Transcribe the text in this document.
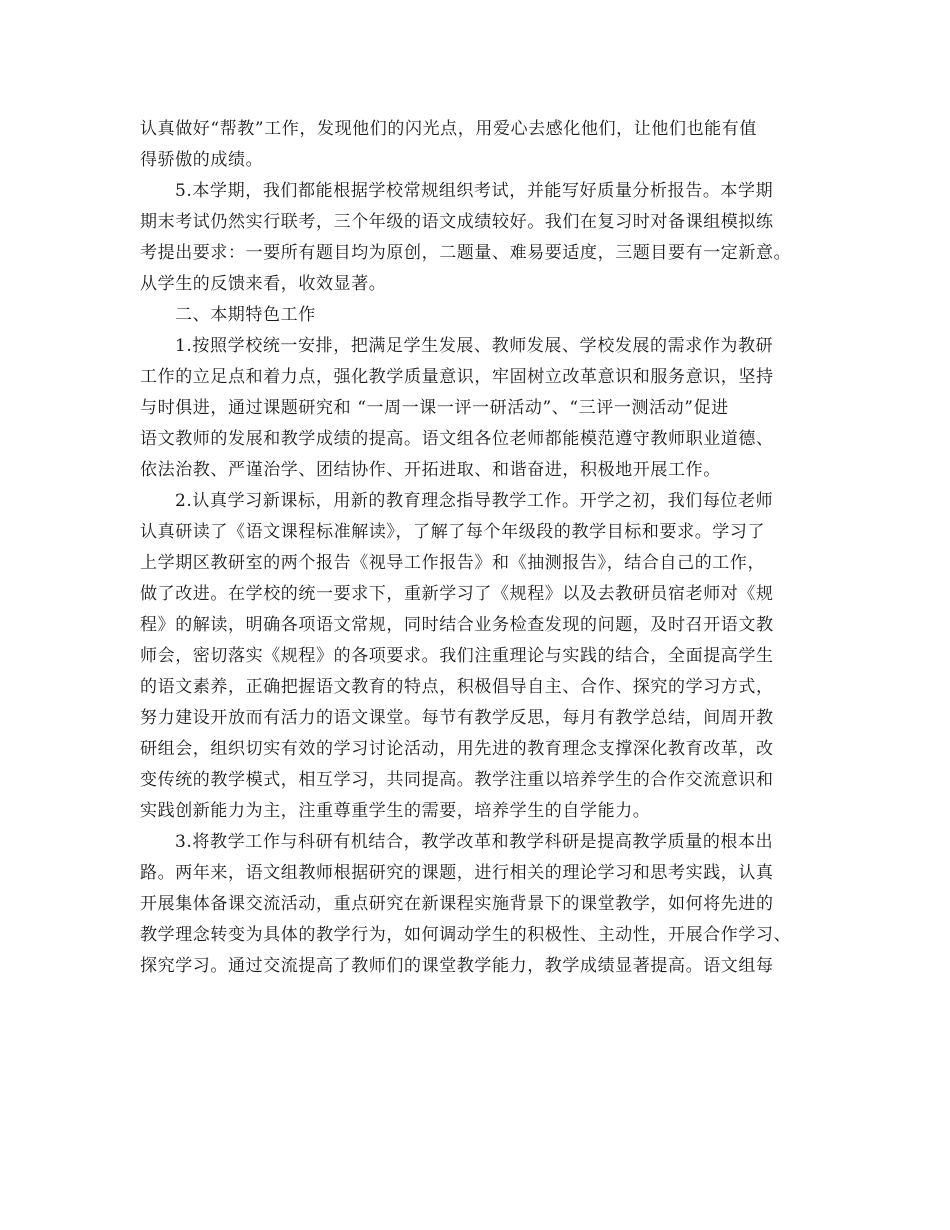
认真做好“帮教”工作，发现他们的闪光点，用爱心去感化他们，让他们也能有值
得骄傲的成绩。
5.本学期，我们都能根据学校常规组织考试，并能写好质量分析报告。本学期
期末考试仍然实行联考，三个年级的语文成绩较好。我们在复习时对备课组模拟练
考提出要求：一要所有题目均为原创，二题量、难易要适度，三题目要有一定新意。
从学生的反馈来看，收效显著。
二、本期特色工作
1.按照学校统一安排，把满足学生发展、教师发展、学校发展的需求作为教研
工作的立足点和着力点，强化教学质量意识，牢固树立改革意识和服务意识，坚持
与时俱进，通过课题研究和 “一周一课一评一研活动”、“三评一测活动”促进
语文教师的发展和教学成绩的提高。语文组各位老师都能模范遵守教师职业道德、
依法治教、严谨治学、团结协作、开拓进取、和谐奋进，积极地开展工作。
2.认真学习新课标，用新的教育理念指导教学工作。开学之初，我们每位老师
认真研读了《语文课程标准解读》，了解了每个年级段的教学目标和要求。学习了
上学期区教研室的两个报告《视导工作报告》和《抽测报告》，结合自己的工作，
做了改进。在学校的统一要求下，重新学习了《规程》以及去教研员宿老师对《规
程》的解读，明确各项语文常规，同时结合业务检查发现的问题，及时召开语文教
师会，密切落实《规程》的各项要求。我们注重理论与实践的结合，全面提高学生
的语文素养，正确把握语文教育的特点，积极倡导自主、合作、探究的学习方式，
努力建设开放而有活力的语文课堂。每节有教学反思，每月有教学总结，间周开教
研组会，组织切实有效的学习讨论活动，用先进的教育理念支撑深化教育改革，改
变传统的教学模式，相互学习，共同提高。教学注重以培养学生的合作交流意识和
实践创新能力为主，注重尊重学生的需要，培养学生的自学能力。
3.将教学工作与科研有机结合，教学改革和教学科研是提高教学质量的根本出
路。两年来，语文组教师根据研究的课题，进行相关的理论学习和思考实践，认真
开展集体备课交流活动，重点研究在新课程实施背景下的课堂教学，如何将先进的
教学理念转变为具体的教学行为，如何调动学生的积极性、主动性，开展合作学习、
探究学习。通过交流提高了教师们的课堂教学能力，教学成绩显著提高。语文组每
